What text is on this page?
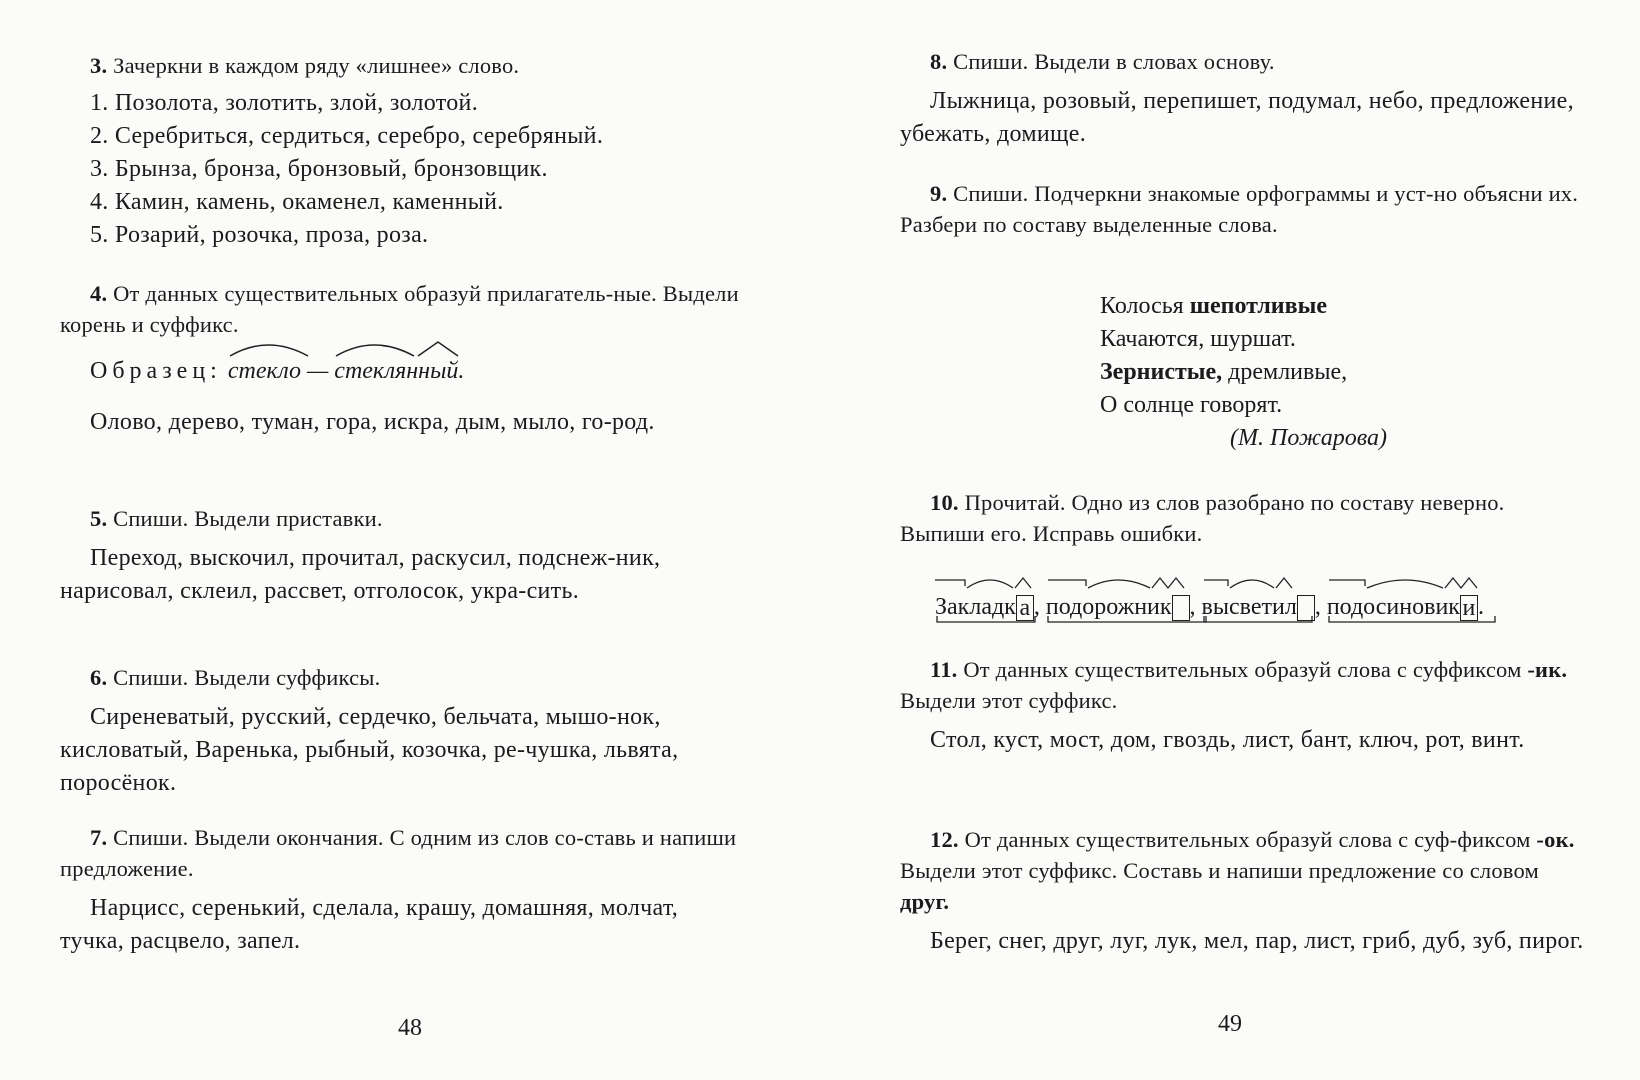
3. Зачеркни в каждом ряду «лишнее» слово.

1. Позолота, золотить, злой, золотой.

2. Серебриться, сердиться, серебро, серебряный.

3. Брынза, бронза, бронзовый, бронзовщик.

4. Камин, камень, окаменел, каменный.

5. Розарий, розочка, проза, роза.

4. От данных существительных образуй прилагатель-ные. Выдели корень и суффикс.

Образец: стекло —
стеклянный.

Олово, дерево, туман, гора, искра, дым, мыло, го-род.

5. Спиши. Выдели приставки.

Переход, выскочил, прочитал, раскусил, подснеж-ник, нарисовал, склеил, рассвет, отголосок, укра-сить.

6. Спиши. Выдели суффиксы.

Сиреневатый, русский, сердечко, бельчата, мышо-нок, кисловатый, Варенька, рыбный, козочка, ре-чушка, львята, поросёнок.

7. Спиши. Выдели окончания. С одним из слов со-ставь и напиши предложение.

Нарцисс, серенький, сделала, крашу, домашняя, молчат, тучка, расцвело, запел.

48

8. Спиши. Выдели в словах основу.

Лыжница, розовый, перепишет, подумал, небо, предложение, убежать, домище.

9. Спиши. Подчеркни знакомые орфограммы и уст-но объясни их. Разбери по составу выделенные слова.

10. Прочитай. Одно из слов разобрано по составу неверно. Выпиши его. Исправь ошибки.

11. От данных существительных образуй слова с суффиксом -ик. Выдели этот суффикс.

Стол, куст, мост, дом, гвоздь, лист, бант, ключ, рот, винт.

12. От данных существительных образуй слова с суф-фиксом -ок. Выдели этот суффикс. Составь и напиши предложение со словом друг.

Берег, снег, друг, луг, лук, мел, пар, лист, гриб, дуб, зуб, пирог.

49

Колосья шепотливые

Качаются, шуршат.

Зернистые, дремливые,

О солнце говорят.

(М. Пожарова)

Закладк а ,
подорожник ,
высветил ,
подосиновик и .
